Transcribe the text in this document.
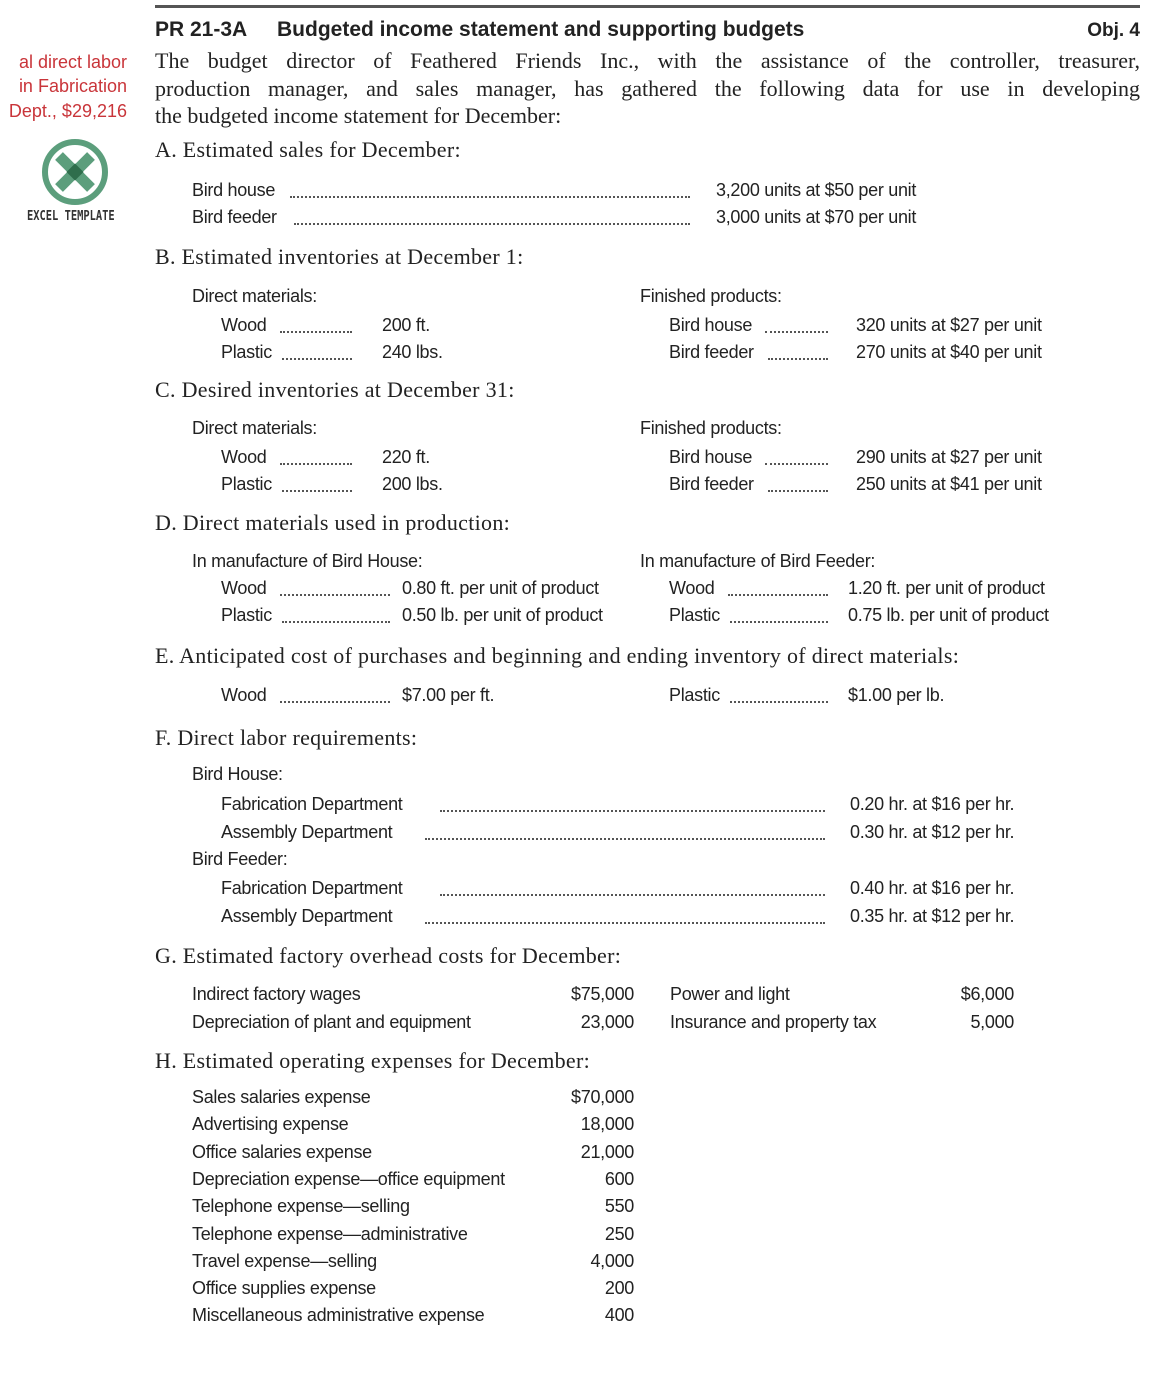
al direct labor
in Fabrication
Dept., $29,216
EXCEL TEMPLATE
PR 21-3A Budgeted income statement and supporting budgets	Obj. 4
The budget director of Feathered Friends Inc., with the assistance of the controller, treasurer,
production manager, and sales manager, has gathered the following data for use in developing
the budgeted income statement for December:
A. Estimated sales for December:
Bird house	3,200 units at $50 per unit
Bird feeder	3,000 units at $70 per unit
B. Estimated inventories at December 1:
Direct materials:	Finished products:
Wood	200 ft.
Plastic	240 lbs.
Bird house	320 units at $27 per unit
Bird feeder	270 units at $40 per unit
C. Desired inventories at December 31:
Direct materials:	Finished products:
Wood	220 ft.
Plastic	200 lbs.
Bird house	290 units at $27 per unit
Bird feeder	250 units at $41 per unit
D. Direct materials used in production:
In manufacture of Bird House:	In manufacture of Bird Feeder:
Wood	0.80 ft. per unit of product
Plastic	0.50 lb. per unit of product
Wood	1.20 ft. per unit of product
Plastic	0.75 lb. per unit of product
E. Anticipated cost of purchases and beginning and ending inventory of direct materials:
Wood	$7.00 per ft.	Plastic	$1.00 per lb.
F. Direct labor requirements:
Bird House:
Fabrication Department	0.20 hr. at $16 per hr.
Assembly Department	0.30 hr. at $12 per hr.
Bird Feeder:
Fabrication Department	0.40 hr. at $16 per hr.
Assembly Department	0.35 hr. at $12 per hr.
G. Estimated factory overhead costs for December:
Indirect factory wages	$75,000
Depreciation of plant and equipment	23,000
Power and light	$6,000
Insurance and property tax	5,000
H. Estimated operating expenses for December:
Sales salaries expense	$70,000
Advertising expense	18,000
Office salaries expense	21,000
Depreciation expense—office equipment	600
Telephone expense—selling	550
Telephone expense—administrative	250
Travel expense—selling	4,000
Office supplies expense	200
Miscellaneous administrative expense	400
